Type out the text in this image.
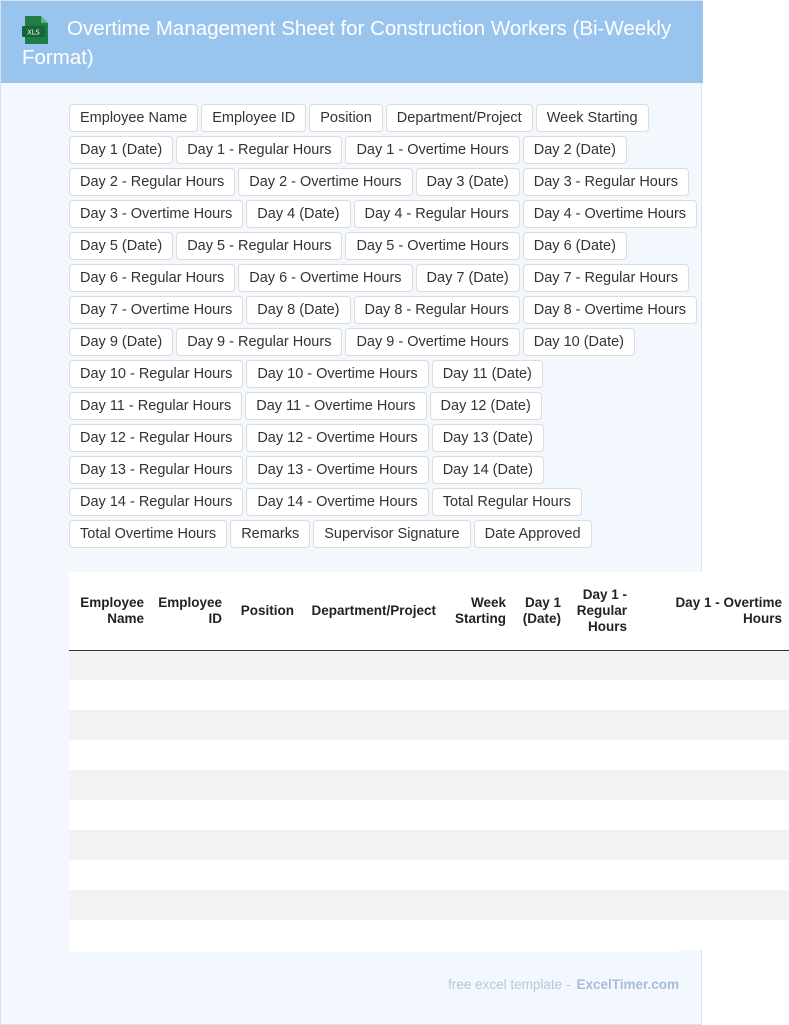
XLS	Overtime Management Sheet for Construction Workers (Bi-Weekly Format)
Employee Name	Employee ID	Position	Department/Project	Week Starting
Day 1 (Date)	Day 1 - Regular Hours	Day 1 - Overtime Hours	Day 2 (Date)
Day 2 - Regular Hours	Day 2 - Overtime Hours	Day 3 (Date)	Day 3 - Regular Hours
Day 3 - Overtime Hours	Day 4 (Date)	Day 4 - Regular Hours	Day 4 - Overtime Hours
Day 5 (Date)	Day 5 - Regular Hours	Day 5 - Overtime Hours	Day 6 (Date)
Day 6 - Regular Hours	Day 6 - Overtime Hours	Day 7 (Date)	Day 7 - Regular Hours
Day 7 - Overtime Hours	Day 8 (Date)	Day 8 - Regular Hours	Day 8 - Overtime Hours
Day 9 (Date)	Day 9 - Regular Hours	Day 9 - Overtime Hours	Day 10 (Date)
Day 10 - Regular Hours	Day 10 - Overtime Hours	Day 11 (Date)
Day 11 - Regular Hours	Day 11 - Overtime Hours	Day 12 (Date)
Day 12 - Regular Hours	Day 12 - Overtime Hours	Day 13 (Date)
Day 13 - Regular Hours	Day 13 - Overtime Hours	Day 14 (Date)
Day 14 - Regular Hours	Day 14 - Overtime Hours	Total Regular Hours
Total Overtime Hours	Remarks	Supervisor Signature	Date Approved
Employee Name	Employee ID	Position	Department/Project	Week Starting	Day 1 (Date)	Day 1 - Regular Hours	Day 1 - Overtime Hours

free excel template - ExcelTimer.com
